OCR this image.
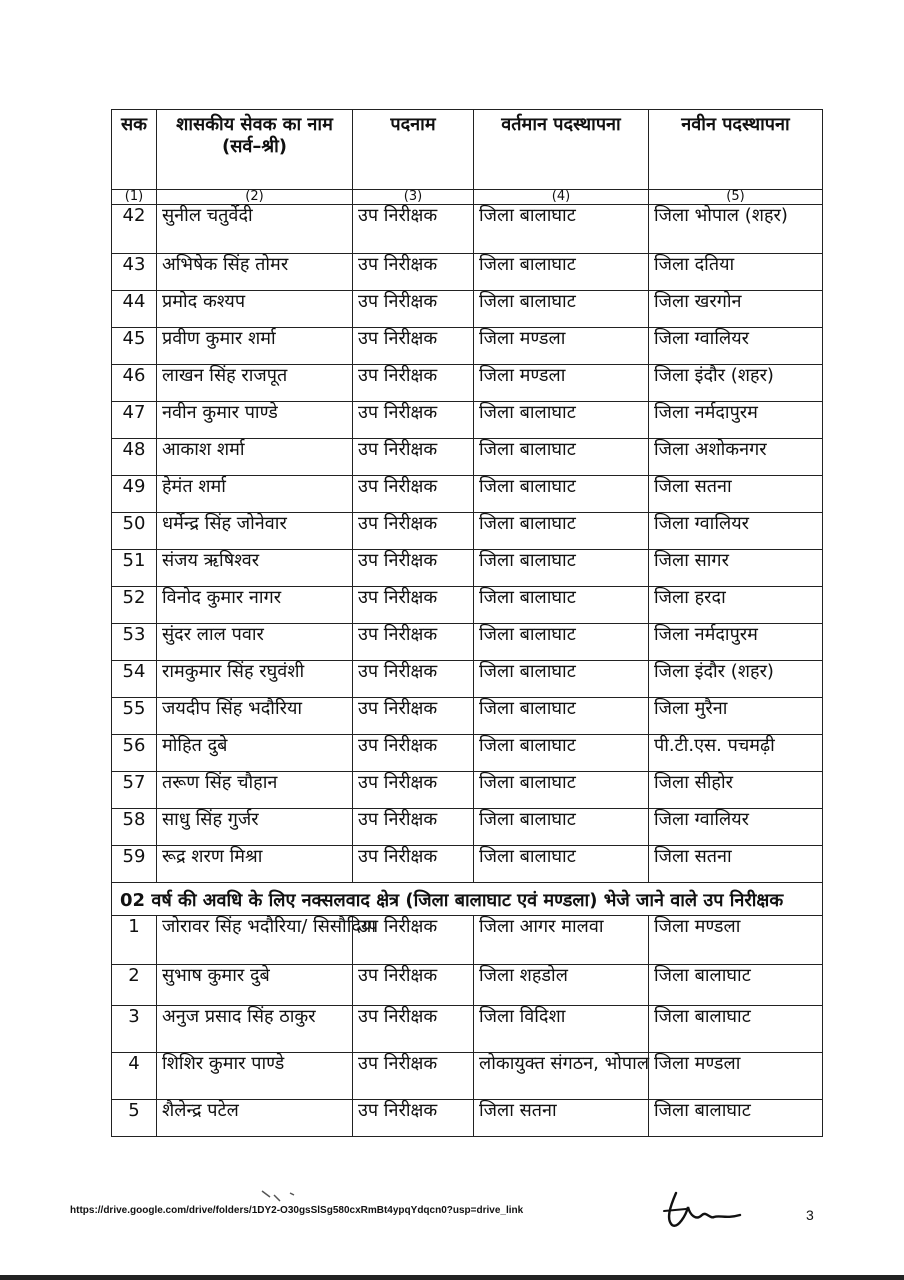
सक	शासकीय सेवक का नाम (सर्व–श्री)	पदनाम	वर्तमान पदस्थापना	नवीन पदस्थापना
(1)	(2)	(3)	(4)	(5)
42	सुनील चतुर्वेदी	उप निरीक्षक	जिला बालाघाट	जिला भोपाल (शहर)
43	अभिषेक सिंह तोमर	उप निरीक्षक	जिला बालाघाट	जिला दतिया
44	प्रमोद कश्यप	उप निरीक्षक	जिला बालाघाट	जिला खरगोन
45	प्रवीण कुमार शर्मा	उप निरीक्षक	जिला मण्डला	जिला ग्वालियर
46	लाखन सिंह राजपूत	उप निरीक्षक	जिला मण्डला	जिला इंदौर (शहर)
47	नवीन कुमार पाण्डे	उप निरीक्षक	जिला बालाघाट	जिला नर्मदापुरम
48	आकाश शर्मा	उप निरीक्षक	जिला बालाघाट	जिला अशोकनगर
49	हेमंत शर्मा	उप निरीक्षक	जिला बालाघाट	जिला सतना
50	धर्मेन्द्र सिंह जोनेवार	उप निरीक्षक	जिला बालाघाट	जिला ग्वालियर
51	संजय ऋषिश्वर	उप निरीक्षक	जिला बालाघाट	जिला सागर
52	विनोद कुमार नागर	उप निरीक्षक	जिला बालाघाट	जिला हरदा
53	सुंदर लाल पवार	उप निरीक्षक	जिला बालाघाट	जिला नर्मदापुरम
54	रामकुमार सिंह रघुवंशी	उप निरीक्षक	जिला बालाघाट	जिला इंदौर (शहर)
55	जयदीप सिंह भदौरिया	उप निरीक्षक	जिला बालाघाट	जिला मुरैना
56	मोहित दुबे	उप निरीक्षक	जिला बालाघाट	पी.टी.एस. पचमढ़ी
57	तरूण सिंह चौहान	उप निरीक्षक	जिला बालाघाट	जिला सीहोर
58	साधु सिंह गुर्जर	उप निरीक्षक	जिला बालाघाट	जिला ग्वालियर
59	रूद्र शरण मिश्रा	उप निरीक्षक	जिला बालाघाट	जिला सतना
02 वर्ष की अवधि के लिए नक्सलवाद क्षेत्र (जिला बालाघाट एवं मण्डला) भेजे जाने वाले उप निरीक्षक				
1	जोरावर सिंह भदौरिया/ सिसौदिया	उप निरीक्षक	जिला आगर मालवा	जिला मण्डला
2	सुभाष कुमार दुबे	उप निरीक्षक	जिला शहडोल	जिला बालाघाट
3	अनुज प्रसाद सिंह ठाकुर	उप निरीक्षक	जिला विदिशा	जिला बालाघाट
4	शिशिर कुमार पाण्डे	उप निरीक्षक	लोकायुक्त संगठन, भोपाल	जिला मण्डला
5	शैलेन्द्र पटेल	उप निरीक्षक	जिला सतना	जिला बालाघाट
https://drive.google.com/drive/folders/1DY2-O30gsSlSg580cxRmBt4ypqYdqcn0?usp=drive_link	3
